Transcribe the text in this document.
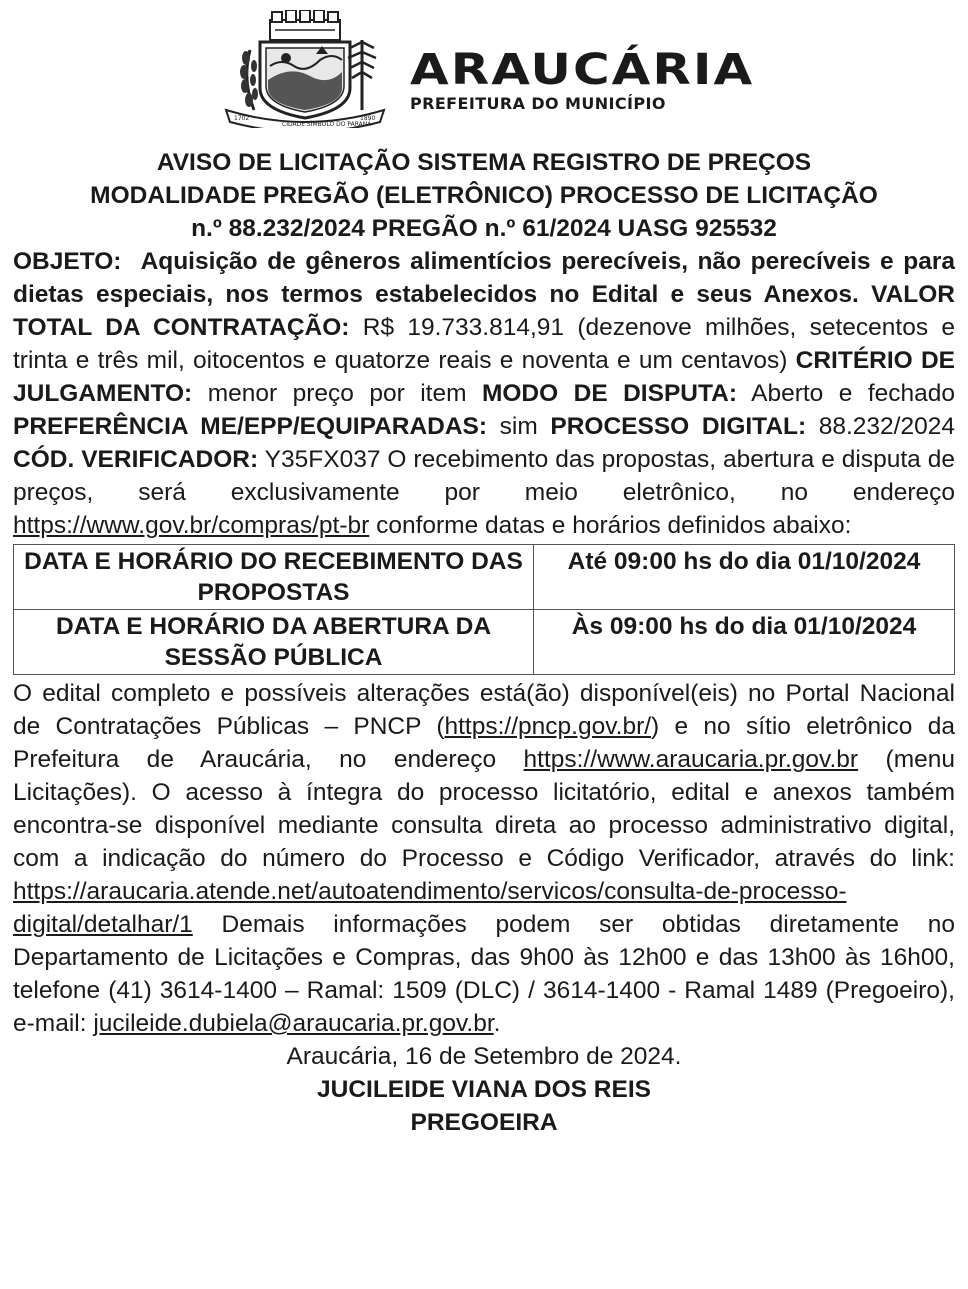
1702
CIDADE SÍMBOLO DO PARANÁ
1890
ARAUCÁRIA
PREFEITURA DO MUNICÍPIO
AVISO DE LICITAÇÃO SISTEMA REGISTRO DE PREÇOS
MODALIDADE PREGÃO (ELETRÔNICO) PROCESSO DE LICITAÇÃO
n.º 88.232/2024 PREGÃO n.º 61/2024 UASG 925532

OBJETO: Aquisição de gêneros alimentícios perecíveis, não perecíveis e para dietas especiais, nos termos estabelecidos no Edital e seus Anexos. VALOR TOTAL DA CONTRATAÇÃO: R$ 19.733.814,91 (dezenove milhões, setecentos e trinta e três mil, oitocentos e quatorze reais e noventa e um centavos) CRITÉRIO DE JULGAMENTO: menor preço por item MODO DE DISPUTA: Aberto e fechado PREFERÊNCIA ME/EPP/EQUIPARADAS: sim PROCESSO DIGITAL: 88.232/2024 CÓD. VERIFICADOR: Y35FX037 O recebimento das propostas, abertura e disputa de preços, será exclusivamente por meio eletrônico, no endereço https://www.gov.br/compras/pt-br conforme datas e horários definidos abaixo:

DATA E HORÁRIO DO RECEBIMENTO DAS PROPOSTAS	Até 09:00 hs do dia 01/10/2024
DATA E HORÁRIO DA ABERTURA DA SESSÃO PÚBLICA	Às 09:00 hs do dia 01/10/2024

O edital completo e possíveis alterações está(ão) disponível(eis) no Portal Nacional de Contratações Públicas – PNCP (https://pncp.gov.br/) e no sítio eletrônico da Prefeitura de Araucária, no endereço https://www.araucaria.pr.gov.br (menu Licitações). O acesso à íntegra do processo licitatório, edital e anexos também encontra-se disponível mediante consulta direta ao processo administrativo digital, com a indicação do número do Processo e Código Verificador, através do link: https://araucaria.atende.net/autoatendimento/servicos/consulta-de-processo-digital/detalhar/1 Demais informações podem ser obtidas diretamente no Departamento de Licitações e Compras, das 9h00 às 12h00 e das 13h00 às 16h00, telefone (41) 3614-1400 – Ramal: 1509 (DLC) / 3614-1400 - Ramal 1489 (Pregoeiro), e-mail: jucileide.dubiela@araucaria.pr.gov.br.

Araucária, 16 de Setembro de 2024.
JUCILEIDE VIANA DOS REIS
PREGOEIRA
